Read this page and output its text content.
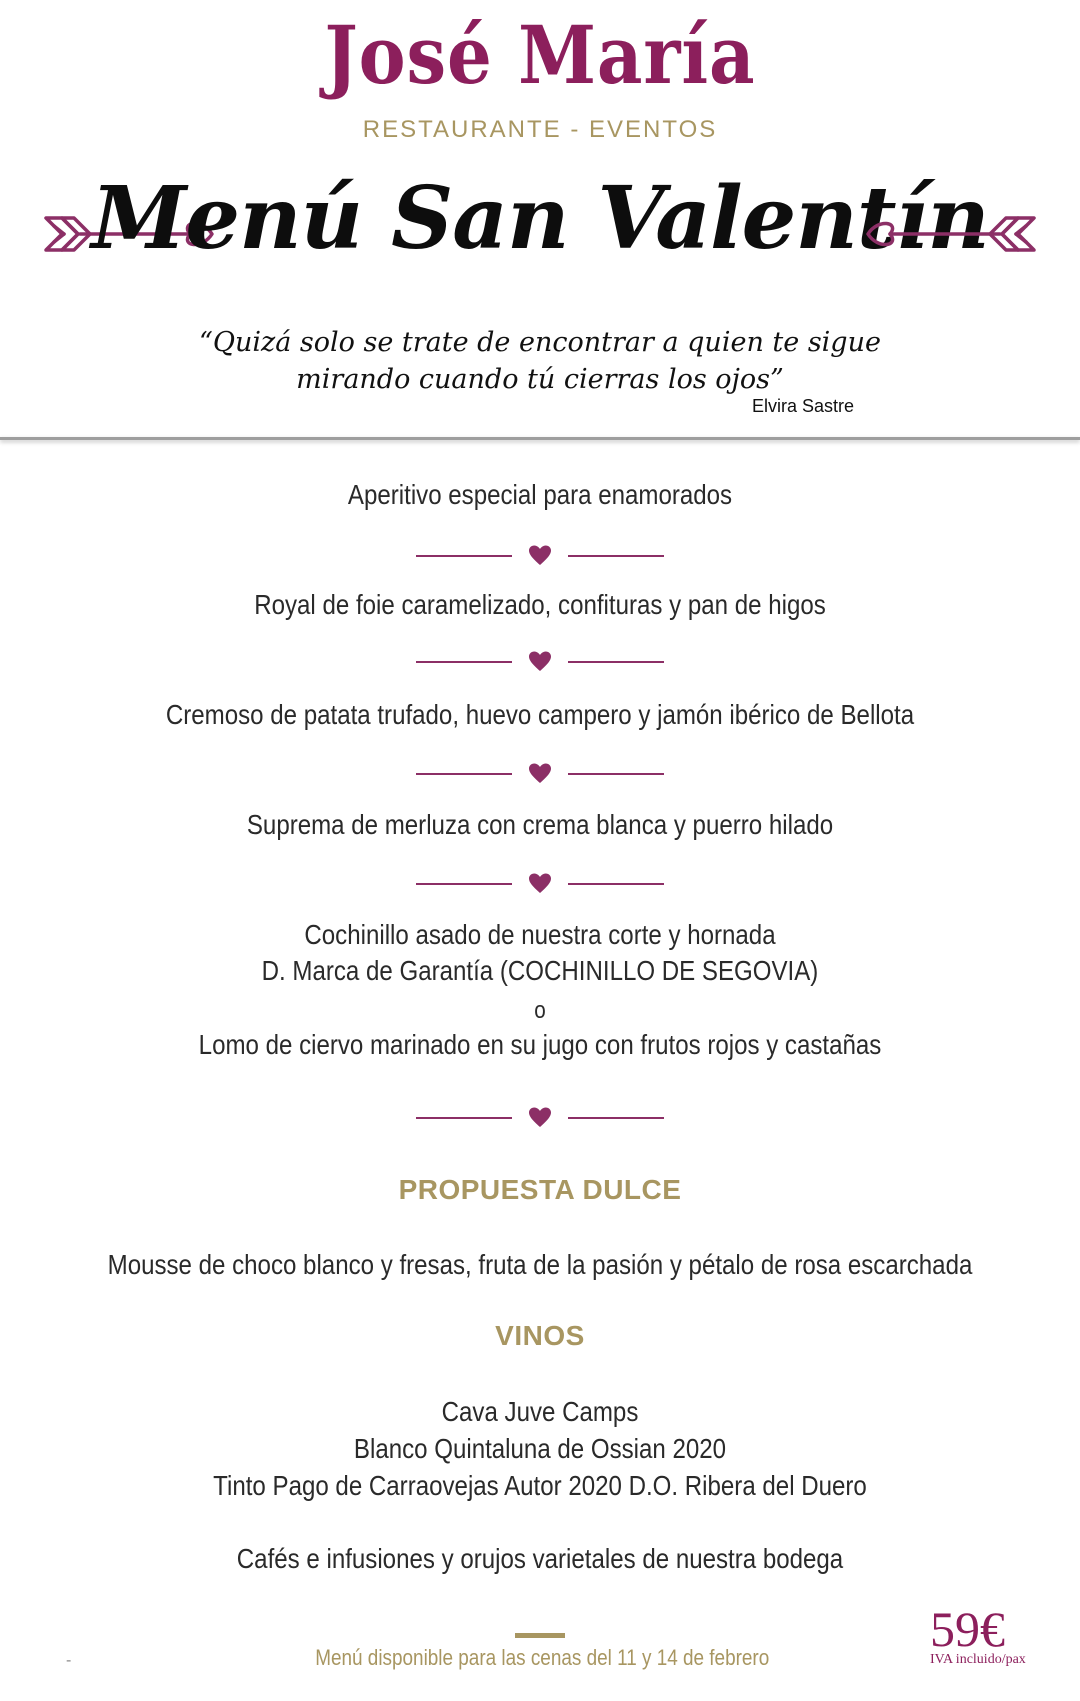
José María
RESTAURANTE - EVENTOS
Menú San Valentín
“Quizá solo se trate de encontrar a quien te sigue
mirando cuando tú cierras los ojos”
Elvira Sastre
Aperitivo especial para enamorados
Royal de foie caramelizado, confituras y pan de higos
Cremoso de patata trufado, huevo campero y jamón ibérico de Bellota
Suprema de merluza con crema blanca y puerro hilado
Cochinillo asado de nuestra corte y hornada
D. Marca de Garantía (COCHINILLO DE SEGOVIA)
o
Lomo de ciervo marinado en su jugo con frutos rojos y castañas
PROPUESTA DULCE
Mousse de choco blanco y fresas, fruta de la pasión y pétalo de rosa escarchada
VINOS
Cava Juve Camps
Blanco Quintaluna de Ossian 2020
Tinto Pago de Carraovejas Autor 2020 D.O. Ribera del Duero
Cafés e infusiones y orujos varietales de nuestra bodega
-	Menú disponible para las cenas del 11 y 14 de febrero
59€
IVA incluido/pax
